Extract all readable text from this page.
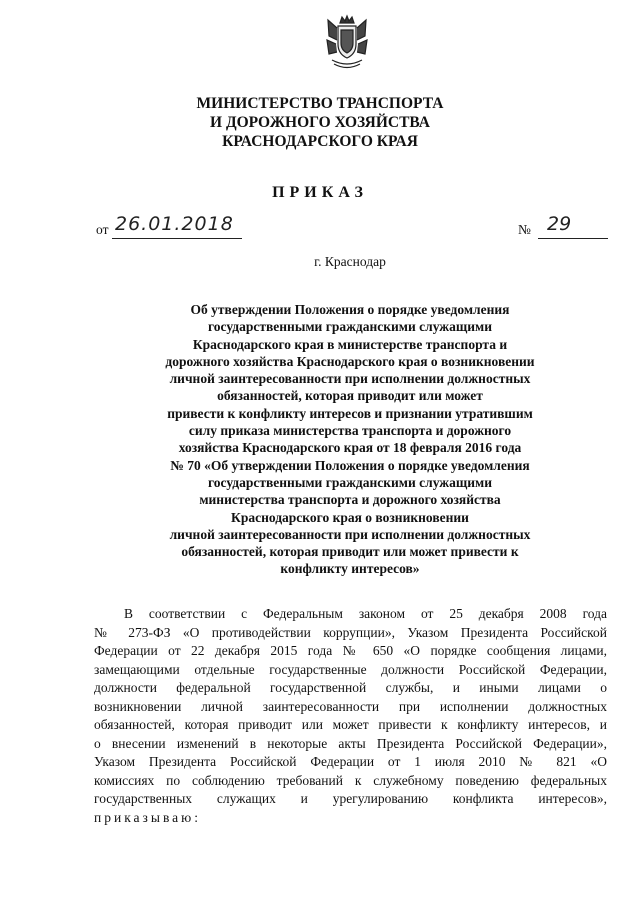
МИНИСТЕРСТВО ТРАНСПОРТА
И ДОРОЖНОГО ХОЗЯЙСТВА
КРАСНОДАРСКОГО КРАЯ
ПРИКАЗ
от 26.01.2018	№ 29
г. Краснодар
Об утверждении Положения о порядке уведомления
государственными гражданскими служащими
Краснодарского края в министерстве транспорта и
дорожного хозяйства Краснодарского края о возникновении
личной заинтересованности при исполнении должностных
обязанностей, которая приводит или может
привести к конфликту интересов и признании утратившим
силу приказа министерства транспорта и дорожного
хозяйства Краснодарского края от 18 февраля 2016 года
№ 70 «Об утверждении Положения о порядке уведомления
государственными гражданскими служащими
министерства транспорта и дорожного хозяйства
Краснодарского края о возникновении
личной заинтересованности при исполнении должностных
обязанностей, которая приводит или может привести к
конфликту интересов»
В соответствии с Федеральным законом от 25 декабря 2008 года
№ 273-ФЗ «О противодействии коррупции», Указом Президента Российской
Федерации от 22 декабря 2015 года № 650 «О порядке сообщения лицами,
замещающими отдельные государственные должности Российской Федерации,
должности федеральной государственной службы, и иными лицами о
возникновении личной заинтересованности при исполнении должностных
обязанностей, которая приводит или может привести к конфликту интересов, и
о внесении изменений в некоторые акты Президента Российской Федерации»,
Указом Президента Российской Федерации от 1 июля 2010 № 821 «О
комиссиях по соблюдению требований к служебному поведению федеральных
государственных служащих и урегулированию конфликта интересов»,
приказываю:
